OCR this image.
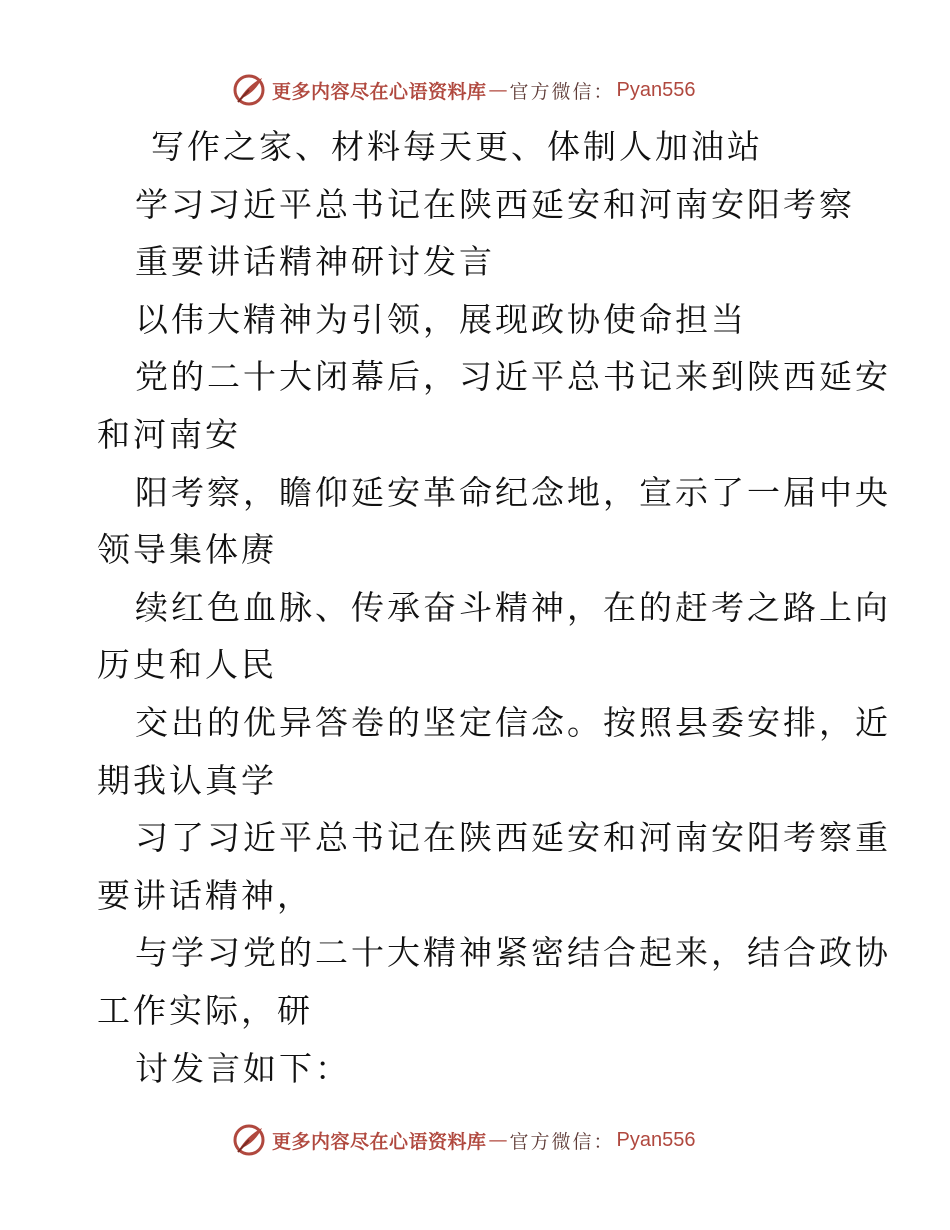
更多内容尽在心语资料库 — 官方微信： Pyan556
写作之家、材料每天更、体制人加油站
学习习近平总书记在陕西延安和河南安阳考察
重要讲话精神研讨发言
以伟大精神为引领，展现政协使命担当
党的二十大闭幕后，习近平总书记来到陕西延安
和河南安
阳考察，瞻仰延安革命纪念地，宣示了一届中央
领导集体赓
续红色血脉、传承奋斗精神，在的赶考之路上向
历史和人民
交出的优异答卷的坚定信念。按照县委安排，近
期我认真学
习了习近平总书记在陕西延安和河南安阳考察重
要讲话精神，
与学习党的二十大精神紧密结合起来，结合政协
工作实际，研
讨发言如下：
更多内容尽在心语资料库 — 官方微信： Pyan556
